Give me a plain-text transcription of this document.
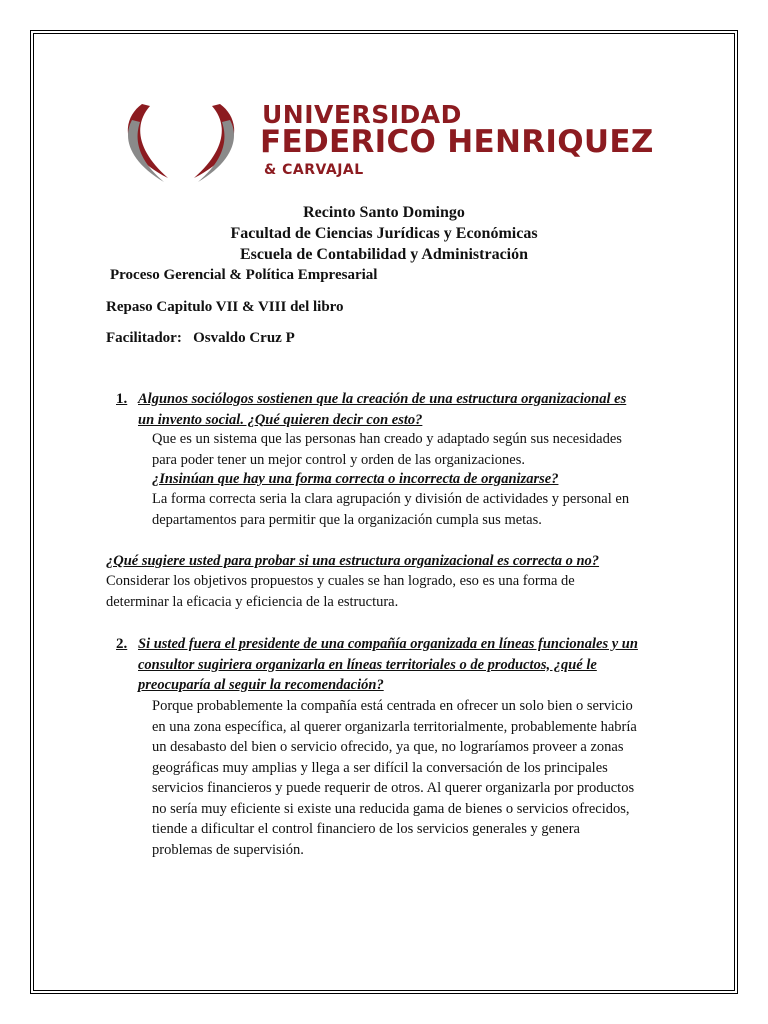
UNIVERSIDAD
FEDERICO HENRIQUEZ
& CARVAJAL
Recinto Santo Domingo
Facultad de Ciencias Jurídicas y Económicas
Escuela de Contabilidad y Administración
Proceso Gerencial & Política Empresarial
Repaso Capitulo VII & VIII del libro
Facilitador: Osvaldo Cruz P
1. Algunos sociólogos sostienen que la creación de una estructura organizacional es
un invento social. ¿Qué quieren decir con esto?
Que es un sistema que las personas han creado y adaptado según sus necesidades
para poder tener un mejor control y orden de las organizaciones.
¿Insinúan que hay una forma correcta o incorrecta de organizarse?
La forma correcta seria la clara agrupación y división de actividades y personal en
departamentos para permitir que la organización cumpla sus metas.
¿Qué sugiere usted para probar si una estructura organizacional es correcta o no?
Considerar los objetivos propuestos y cuales se han logrado, eso es una forma de
determinar la eficacia y eficiencia de la estructura.
2. Si usted fuera el presidente de una compañía organizada en líneas funcionales y un
consultor sugiriera organizarla en líneas territoriales o de productos, ¿qué le
preocuparía al seguir la recomendación?
Porque probablemente la compañía está centrada en ofrecer un solo bien o servicio
en una zona específica, al querer organizarla territorialmente, probablemente habría
un desabasto del bien o servicio ofrecido, ya que, no lograríamos proveer a zonas
geográficas muy amplias y llega a ser difícil la conversación de los principales
servicios financieros y puede requerir de otros. Al querer organizarla por productos
no sería muy eficiente si existe una reducida gama de bienes o servicios ofrecidos,
tiende a dificultar el control financiero de los servicios generales y genera
problemas de supervisión.
